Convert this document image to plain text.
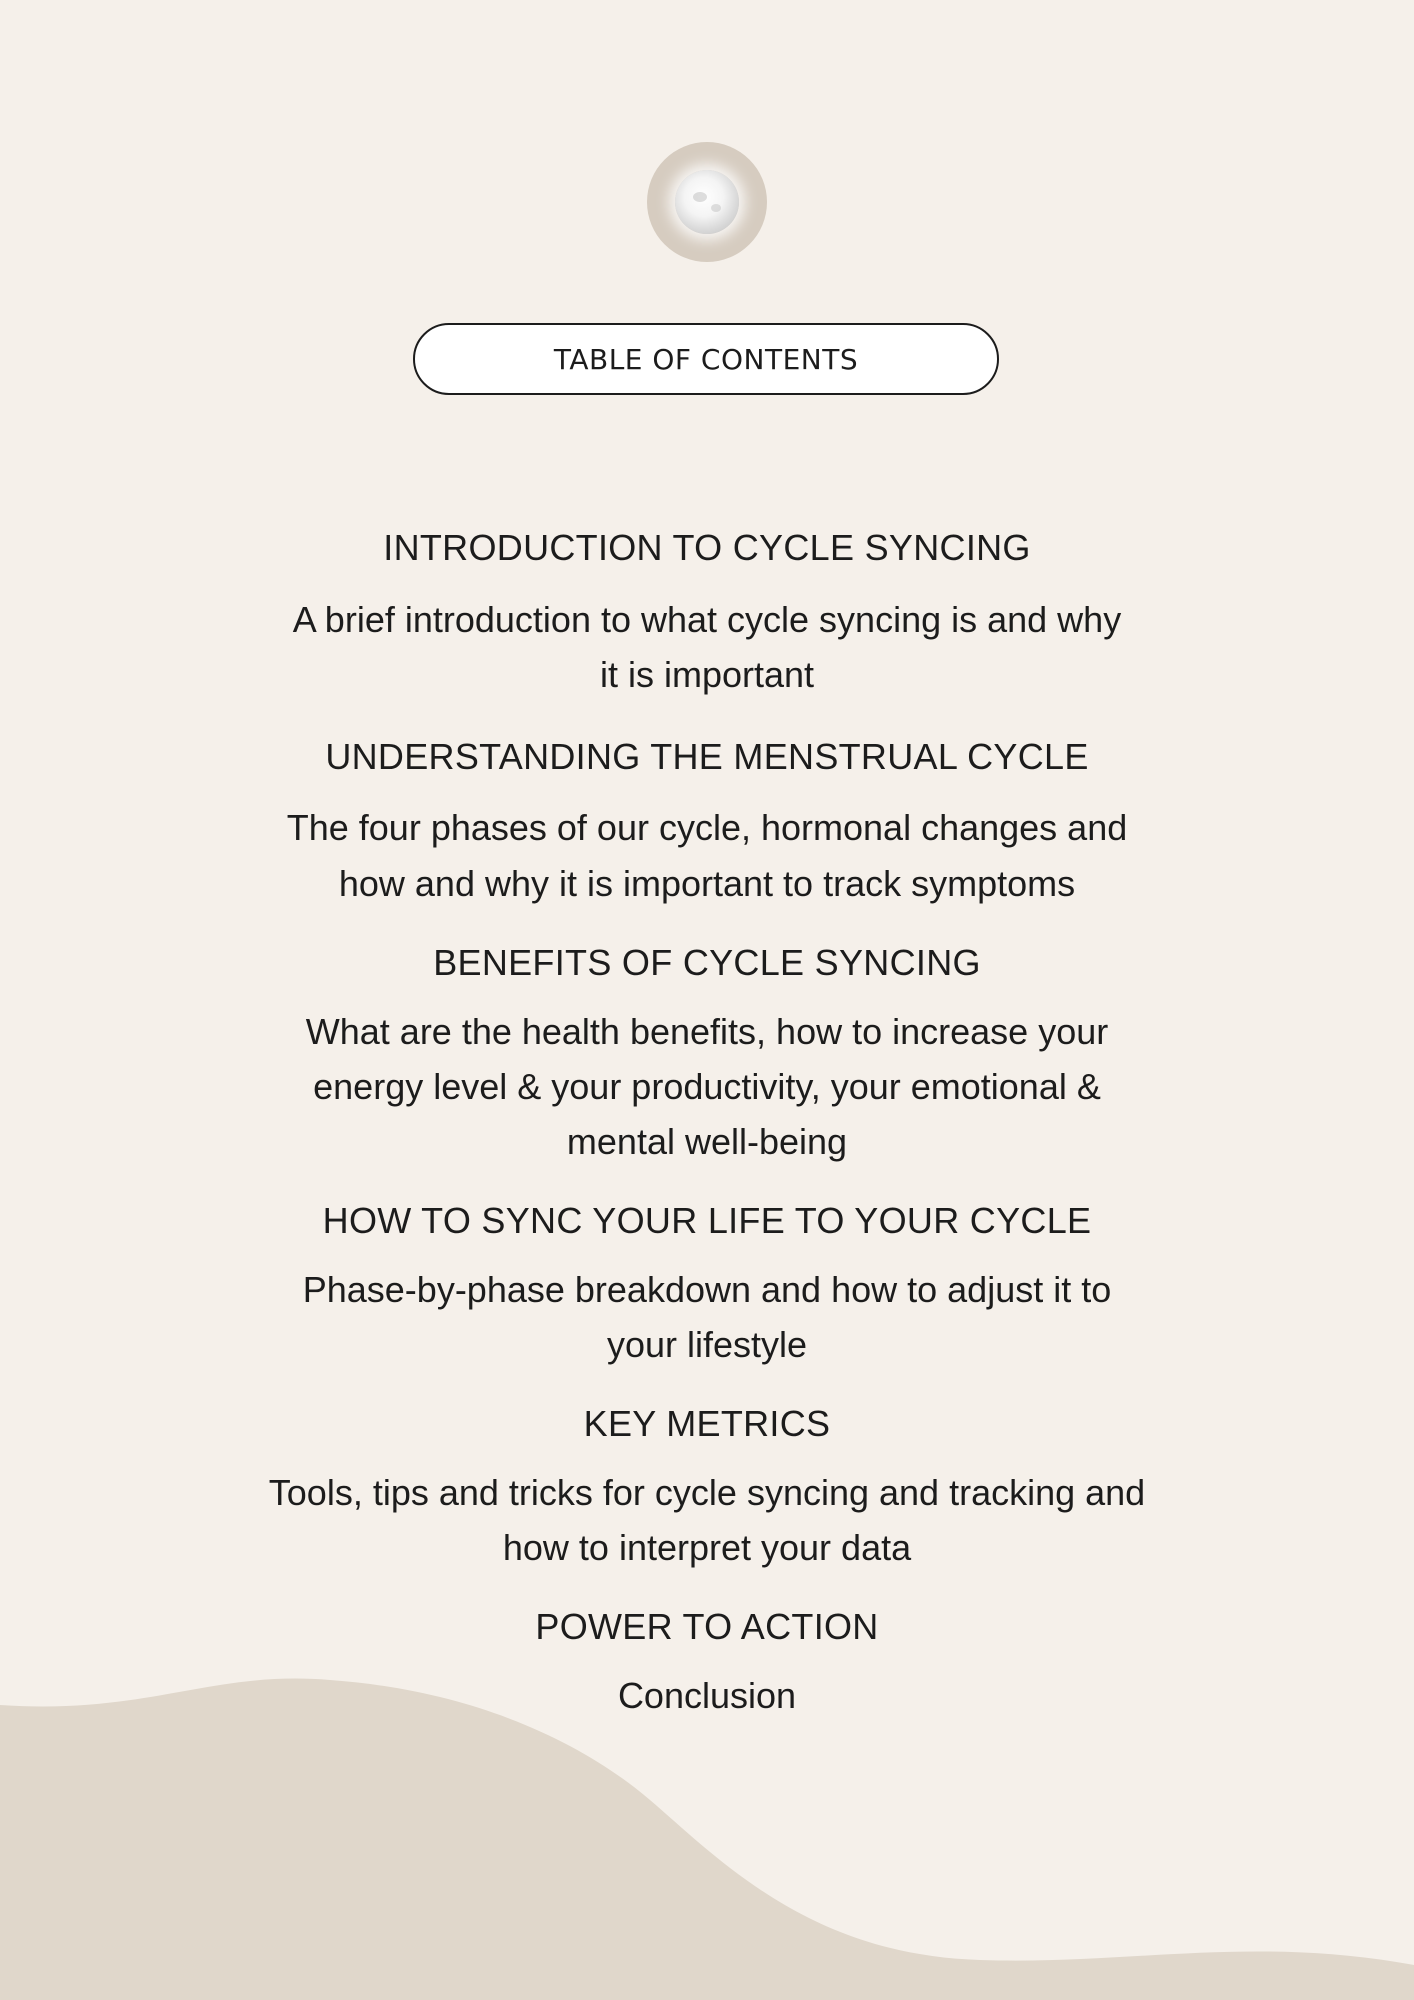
TABLE OF CONTENTS
INTRODUCTION TO CYCLE SYNCING
A brief introduction to what cycle syncing is and why
it is important
UNDERSTANDING THE MENSTRUAL CYCLE
The four phases of our cycle, hormonal changes and
how and why it is important to track symptoms
BENEFITS OF CYCLE SYNCING
What are the health benefits, how to increase your
energy level & your productivity, your emotional &
mental well-being
HOW TO SYNC YOUR LIFE TO YOUR CYCLE
Phase-by-phase breakdown and how to adjust it to
your lifestyle
KEY METRICS
Tools, tips and tricks for cycle syncing and tracking and
how to interpret your data
POWER TO ACTION
Conclusion
